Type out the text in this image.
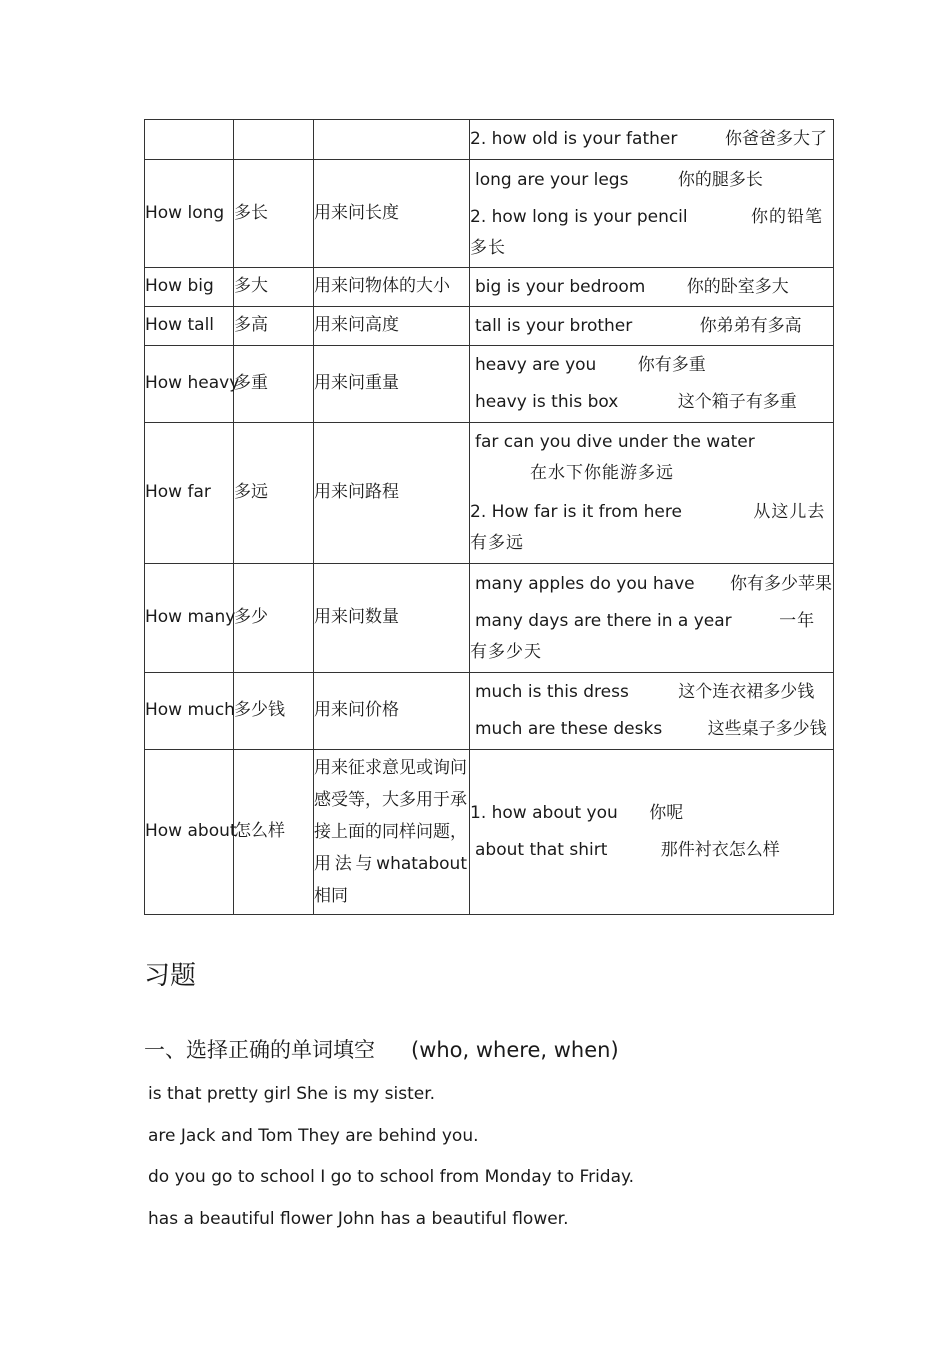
			2. how old is your father 你爸爸多大了

How long	多长	用来问长度	long are your legs 你的腿多长
2. how long is your pencil 你的铅笔多长

How big	多大	用来问物体的大小	big is your bedroom 你的卧室多大

How tall	多高	用来问高度	tall is your brother 你弟弟有多高

How heavy	多重	用来问重量	heavy are you 你有多重
heavy is this box 这个箱子有多重

How far	多远	用来问路程	far can you dive under the water 在水下你能游多远
2. How far is it from here 从这儿去有多远

How many	多少	用来问数量	many apples do you have 你有多少苹果
many days are there in a year 一年有多少天

How much	多少钱	用来问价格	much is this dress 这个连衣裙多少钱
much are these desks 这些桌子多少钱

How about	怎么样	用来征求意见或询问感受等，大多用于承接上面的同样问题，用法与whatabout 相同	1. how about you 你呢
about that shirt 那件衬衣怎么样
习题
一、选择正确的单词填空 (who, where, when)

is that pretty girl She is my sister.

are Jack and Tom They are behind you.

do you go to school I go to school from Monday to Friday.

has a beautiful flower John has a beautiful flower.
